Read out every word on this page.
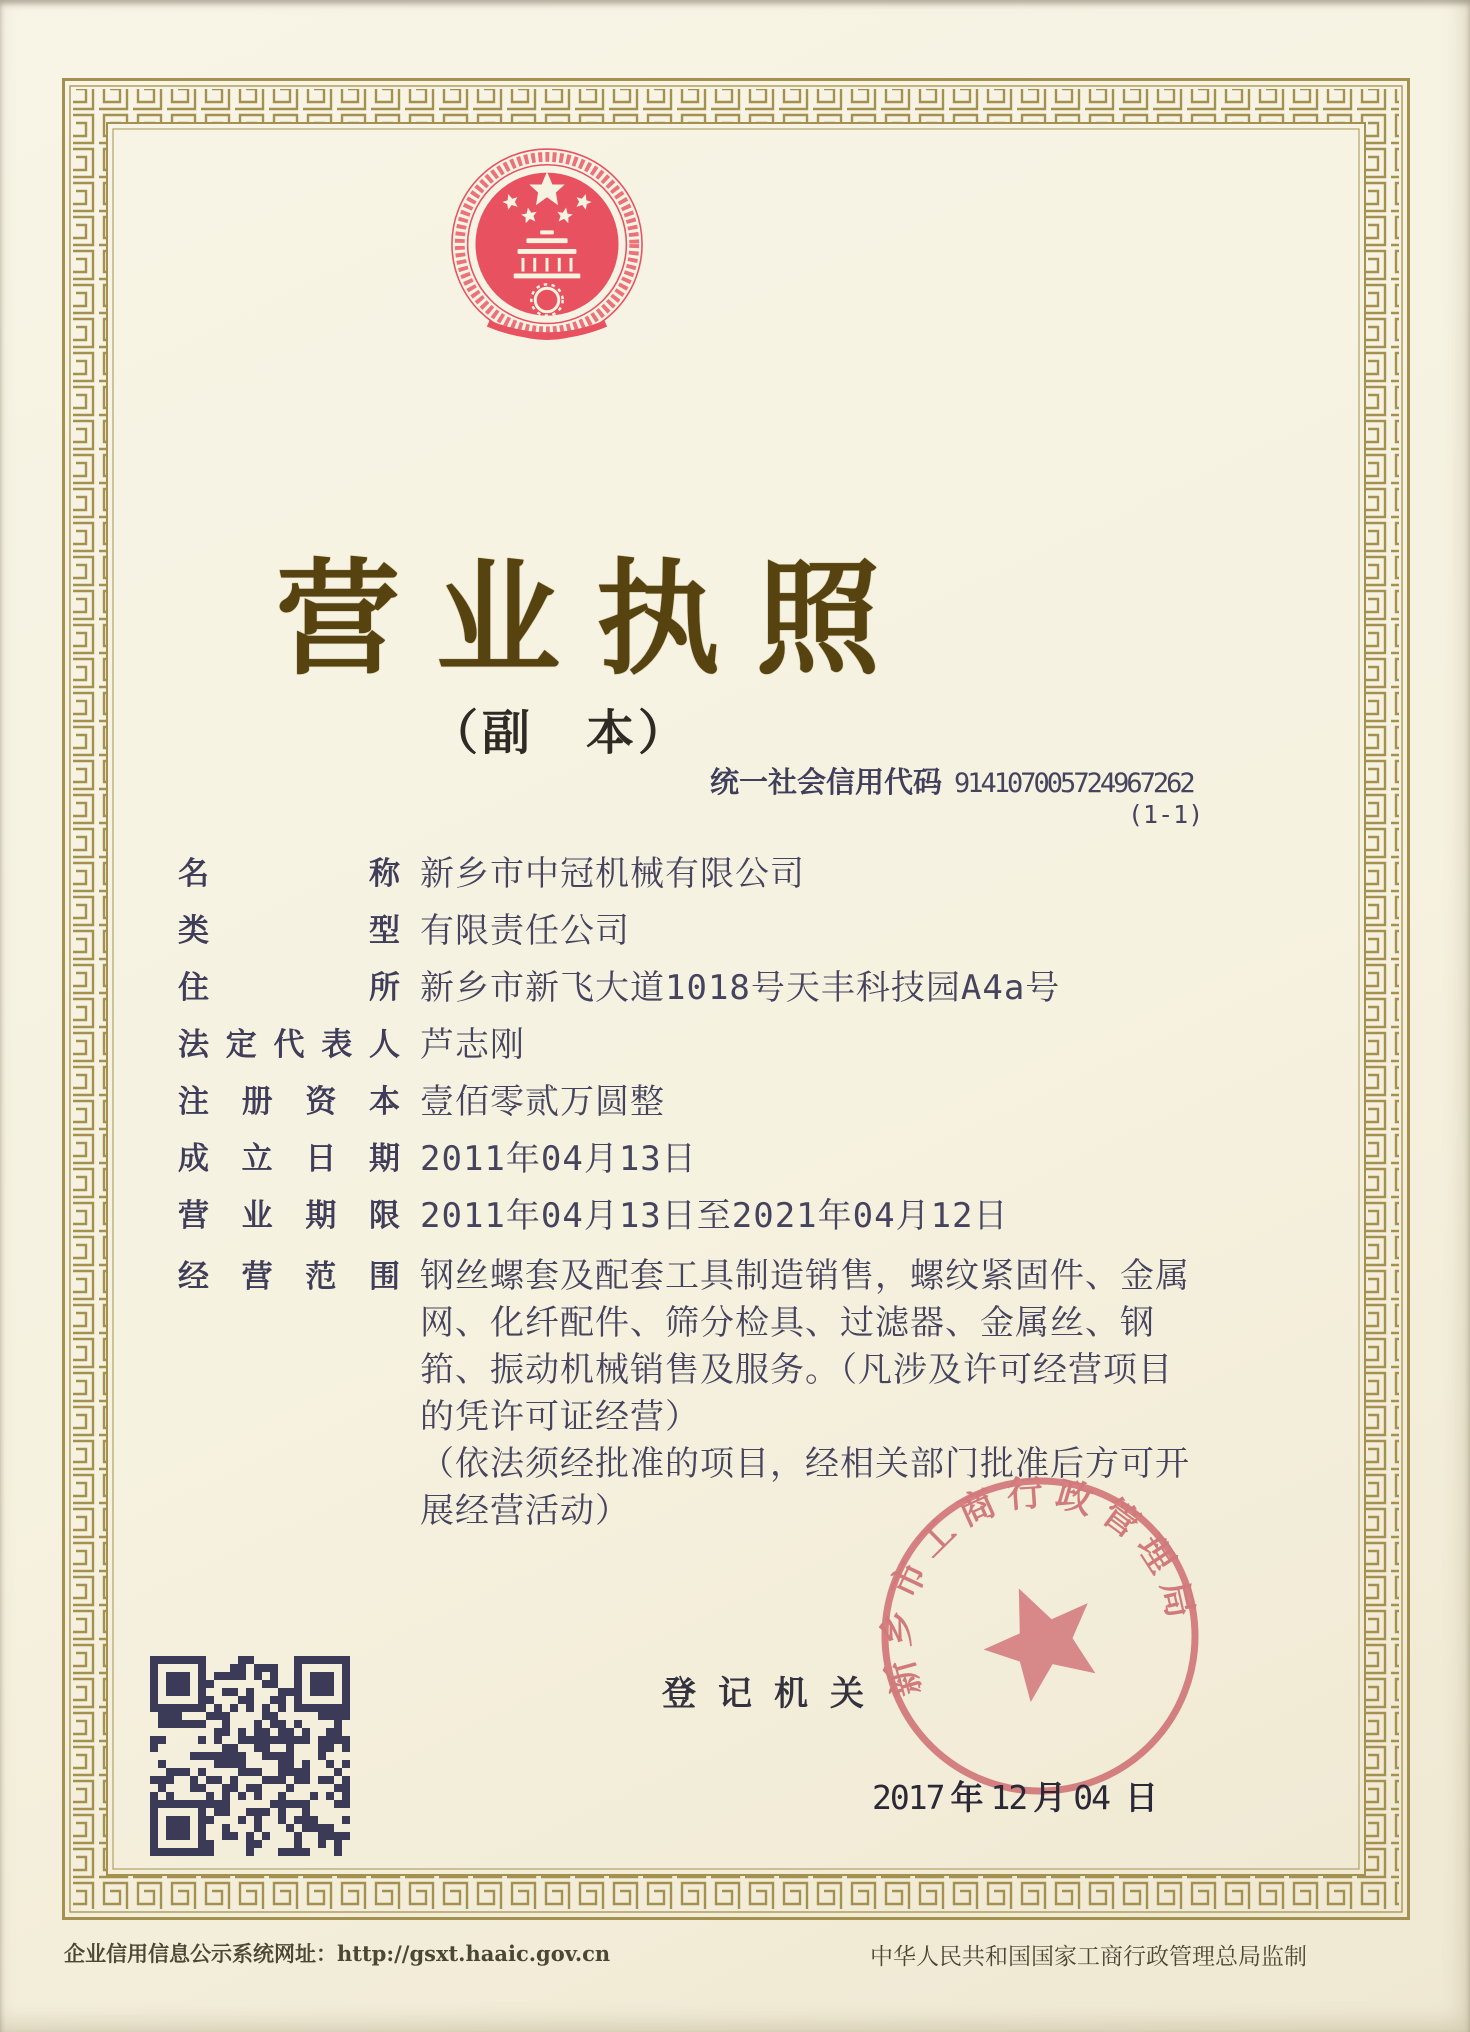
营业执照
（副　本）
统一社会信用代码 914107005724967262
(1-1)
名称 新乡市中冠机械有限公司
类型 有限责任公司
住所 新乡市新飞大道1018号天丰科技园A4a号
法定代表人 芦志刚
注册资本 壹佰零贰万圆整
成立日期 2011年04月13日
营业期限 2011年04月13日至2021年04月12日
经营范围 钢丝螺套及配套工具制造销售，螺纹紧固件、金属
网、化纤配件、筛分检具、过滤器、金属丝、钢
筘、振动机械销售及服务。（凡涉及许可经营项目
的凭许可证经营）
（依法须经批准的项目，经相关部门批准后方可开
展经营活动）
登记机关
新乡市工商行政管理局
2017 年 12 月 04 日
企业信用信息公示系统网址：http://gsxt.haaic.gov.cn	中华人民共和国国家工商行政管理总局监制
